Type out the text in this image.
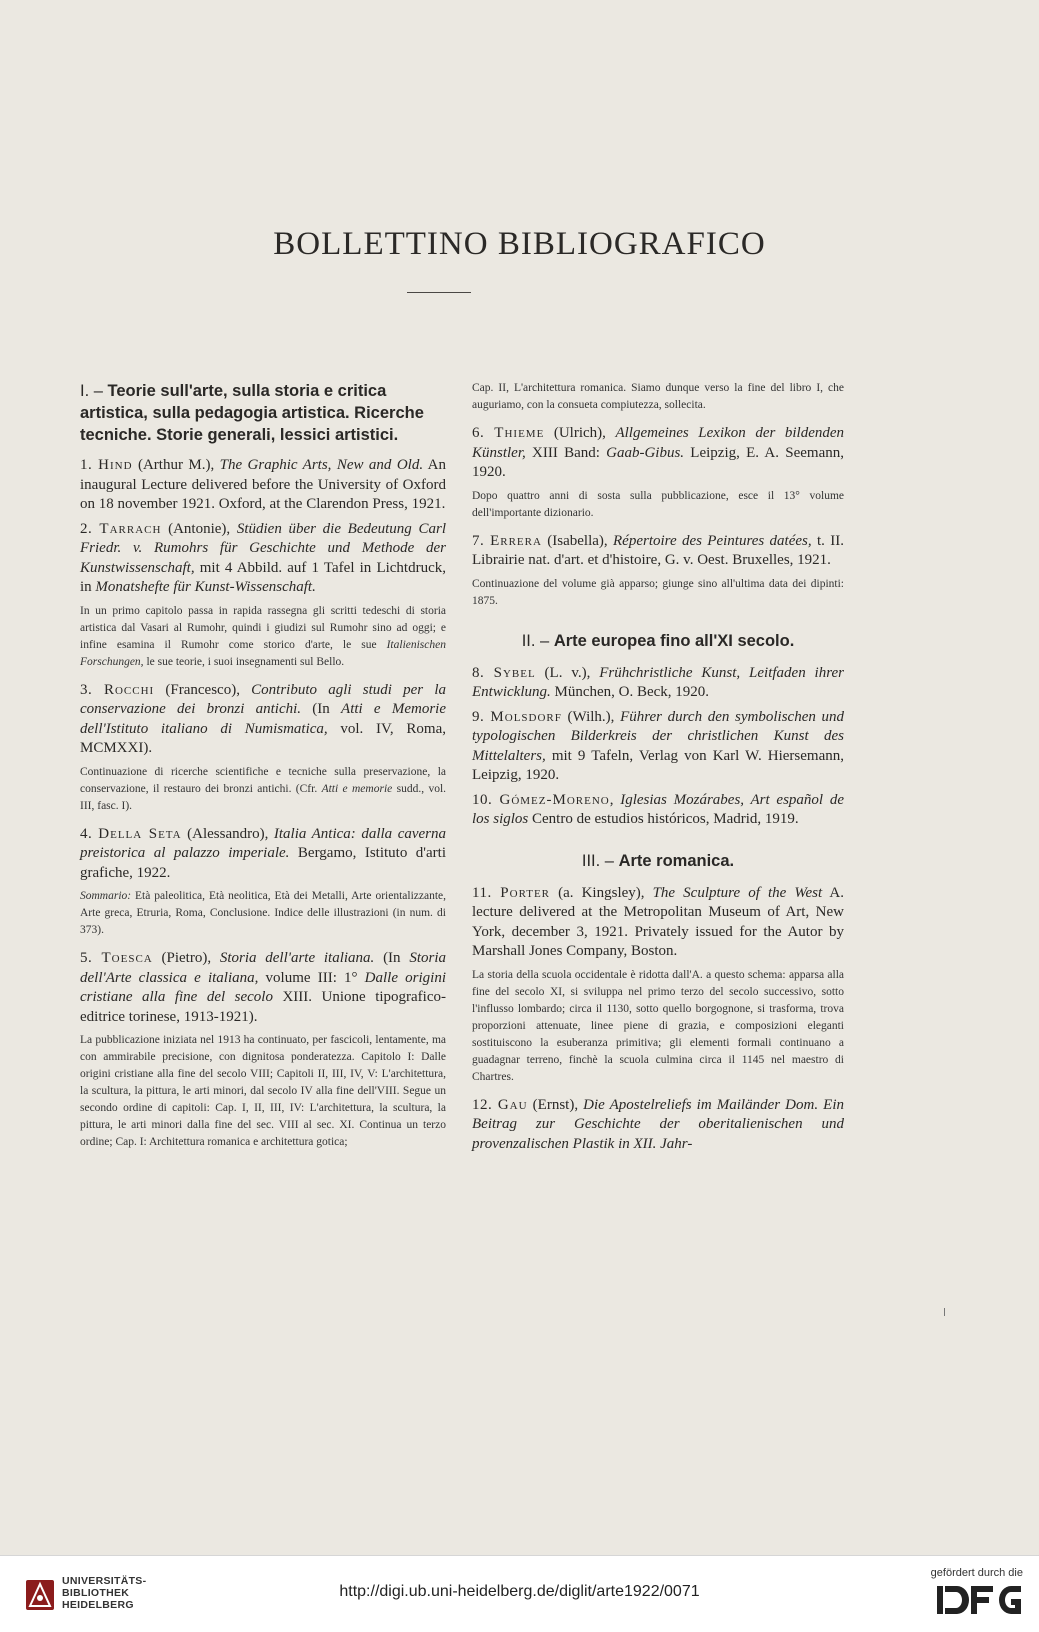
BOLLETTINO BIBLIOGRAFICO
I. – Teorie sull'arte, sulla storia e critica artistica, sulla pedagogia artistica. Ricerche tecniche. Storie generali, lessici artistici.

1. Hind (Arthur M.), The Graphic Arts, New and Old. An inaugural Lecture delivered before the University of Oxford on 18 november 1921. Oxford, at the Clarendon Press, 1921.

2. Tarrach (Antonie), Stüdien über die Bedeutung Carl Friedr. v. Rumohrs für Geschichte und Methode der Kunstwissenschaft, mit 4 Abbild. auf 1 Tafel in Lichtdruck, in Monatshefte für Kunst-Wissenschaft.

In un primo capitolo passa in rapida rassegna gli scritti tedeschi di storia artistica dal Vasari al Rumohr, quindi i giudizi sul Rumohr sino ad oggi; e infine esamina il Rumohr come storico d'arte, le sue Italienischen Forschungen, le sue teorie, i suoi insegnamenti sul Bello.

3. Rocchi (Francesco), Contributo agli studi per la conservazione dei bronzi antichi. (In Atti e Memorie dell'Istituto italiano di Numismatica, vol. IV, Roma, MCMXXI).

Continuazione di ricerche scientifiche e tecniche sulla preservazione, la conservazione, il restauro dei bronzi antichi. (Cfr. Atti e memorie sudd., vol. III, fasc. I).

4. Della Seta (Alessandro), Italia Antica: dalla caverna preistorica al palazzo imperiale. Bergamo, Istituto d'arti grafiche, 1922.

Sommario: Età paleolitica, Età neolitica, Età dei Metalli, Arte orientalizzante, Arte greca, Etruria, Roma, Conclusione. Indice delle illustrazioni (in num. di 373).

5. Toesca (Pietro), Storia dell'arte italiana. (In Storia dell'Arte classica e italiana, volume III: 1° Dalle origini cristiane alla fine del secolo XIII. Unione tipografico-editrice torinese, 1913-1921).

La pubblicazione iniziata nel 1913 ha continuato, per fascicoli, lentamente, ma con ammirabile precisione, con dignitosa ponderatezza. Capitolo I: Dalle origini cristiane alla fine del secolo VIII; Capitoli II, III, IV, V: L'architettura, la scultura, la pittura, le arti minori, dal secolo IV alla fine dell'VIII. Segue un secondo ordine di capitoli: Cap. I, II, III, IV: L'architettura, la scultura, la pittura, le arti minori dalla fine del sec. VIII al sec. XI. Continua un terzo ordine; Cap. I: Architettura romanica e architettura gotica;

Cap. II, L'architettura romanica. Siamo dunque verso la fine del libro I, che auguriamo, con la consueta compiutezza, sollecita.

6. Thieme (Ulrich), Allgemeines Lexikon der bildenden Künstler, XIII Band: Gaab-Gibus. Leipzig, E. A. Seemann, 1920.

Dopo quattro anni di sosta sulla pubblicazione, esce il 13° volume dell'importante dizionario.

7. Errera (Isabella), Répertoire des Peintures datées, t. II. Librairie nat. d'art. et d'histoire, G. v. Oest. Bruxelles, 1921.

Continuazione del volume già apparso; giunge sino all'ultima data dei dipinti: 1875.

II. – Arte europea fino all'XI secolo.

8. Sybel (L. v.), Frühchristliche Kunst, Leitfaden ihrer Entwicklung. München, O. Beck, 1920.

9. Molsdorf (Wilh.), Führer durch den symbolischen und typologischen Bilderkreis der christlichen Kunst des Mittelalters, mit 9 Tafeln, Verlag von Karl W. Hiersemann, Leipzig, 1920.

10. Gómez-Moreno, Iglesias Mozárabes, Art español de los siglos Centro de estudios históricos, Madrid, 1919.

III. – Arte romanica.

11. Porter (a. Kingsley), The Sculpture of the West A. lecture delivered at the Metropolitan Museum of Art, New York, december 3, 1921. Privately issued for the Autor by Marshall Jones Company, Boston.

La storia della scuola occidentale è ridotta dall'A. a questo schema: apparsa alla fine del secolo XI, si sviluppa nel primo terzo del secolo successivo, sotto l'influsso lombardo; circa il 1130, sotto quello borgognone, si trasforma, trova proporzioni attenuate, linee piene di grazia, e composizioni eleganti sostituiscono la esuberanza primitiva; gli elementi formali continuano a guadagnar terreno, finchè la scuola culmina circa il 1145 nel maestro di Chartres.

12. Gau (Ernst), Die Apostelreliefs im Mailänder Dom. Ein Beitrag zur Geschichte der oberitalienischen und provenzalischen Plastik in XII. Jahr-

UNIVERSITÄTS-
BIBLIOTHEK
HEIDELBERG
http://digi.ub.uni-heidelberg.de/diglit/arte1922/0071
gefördert durch die
